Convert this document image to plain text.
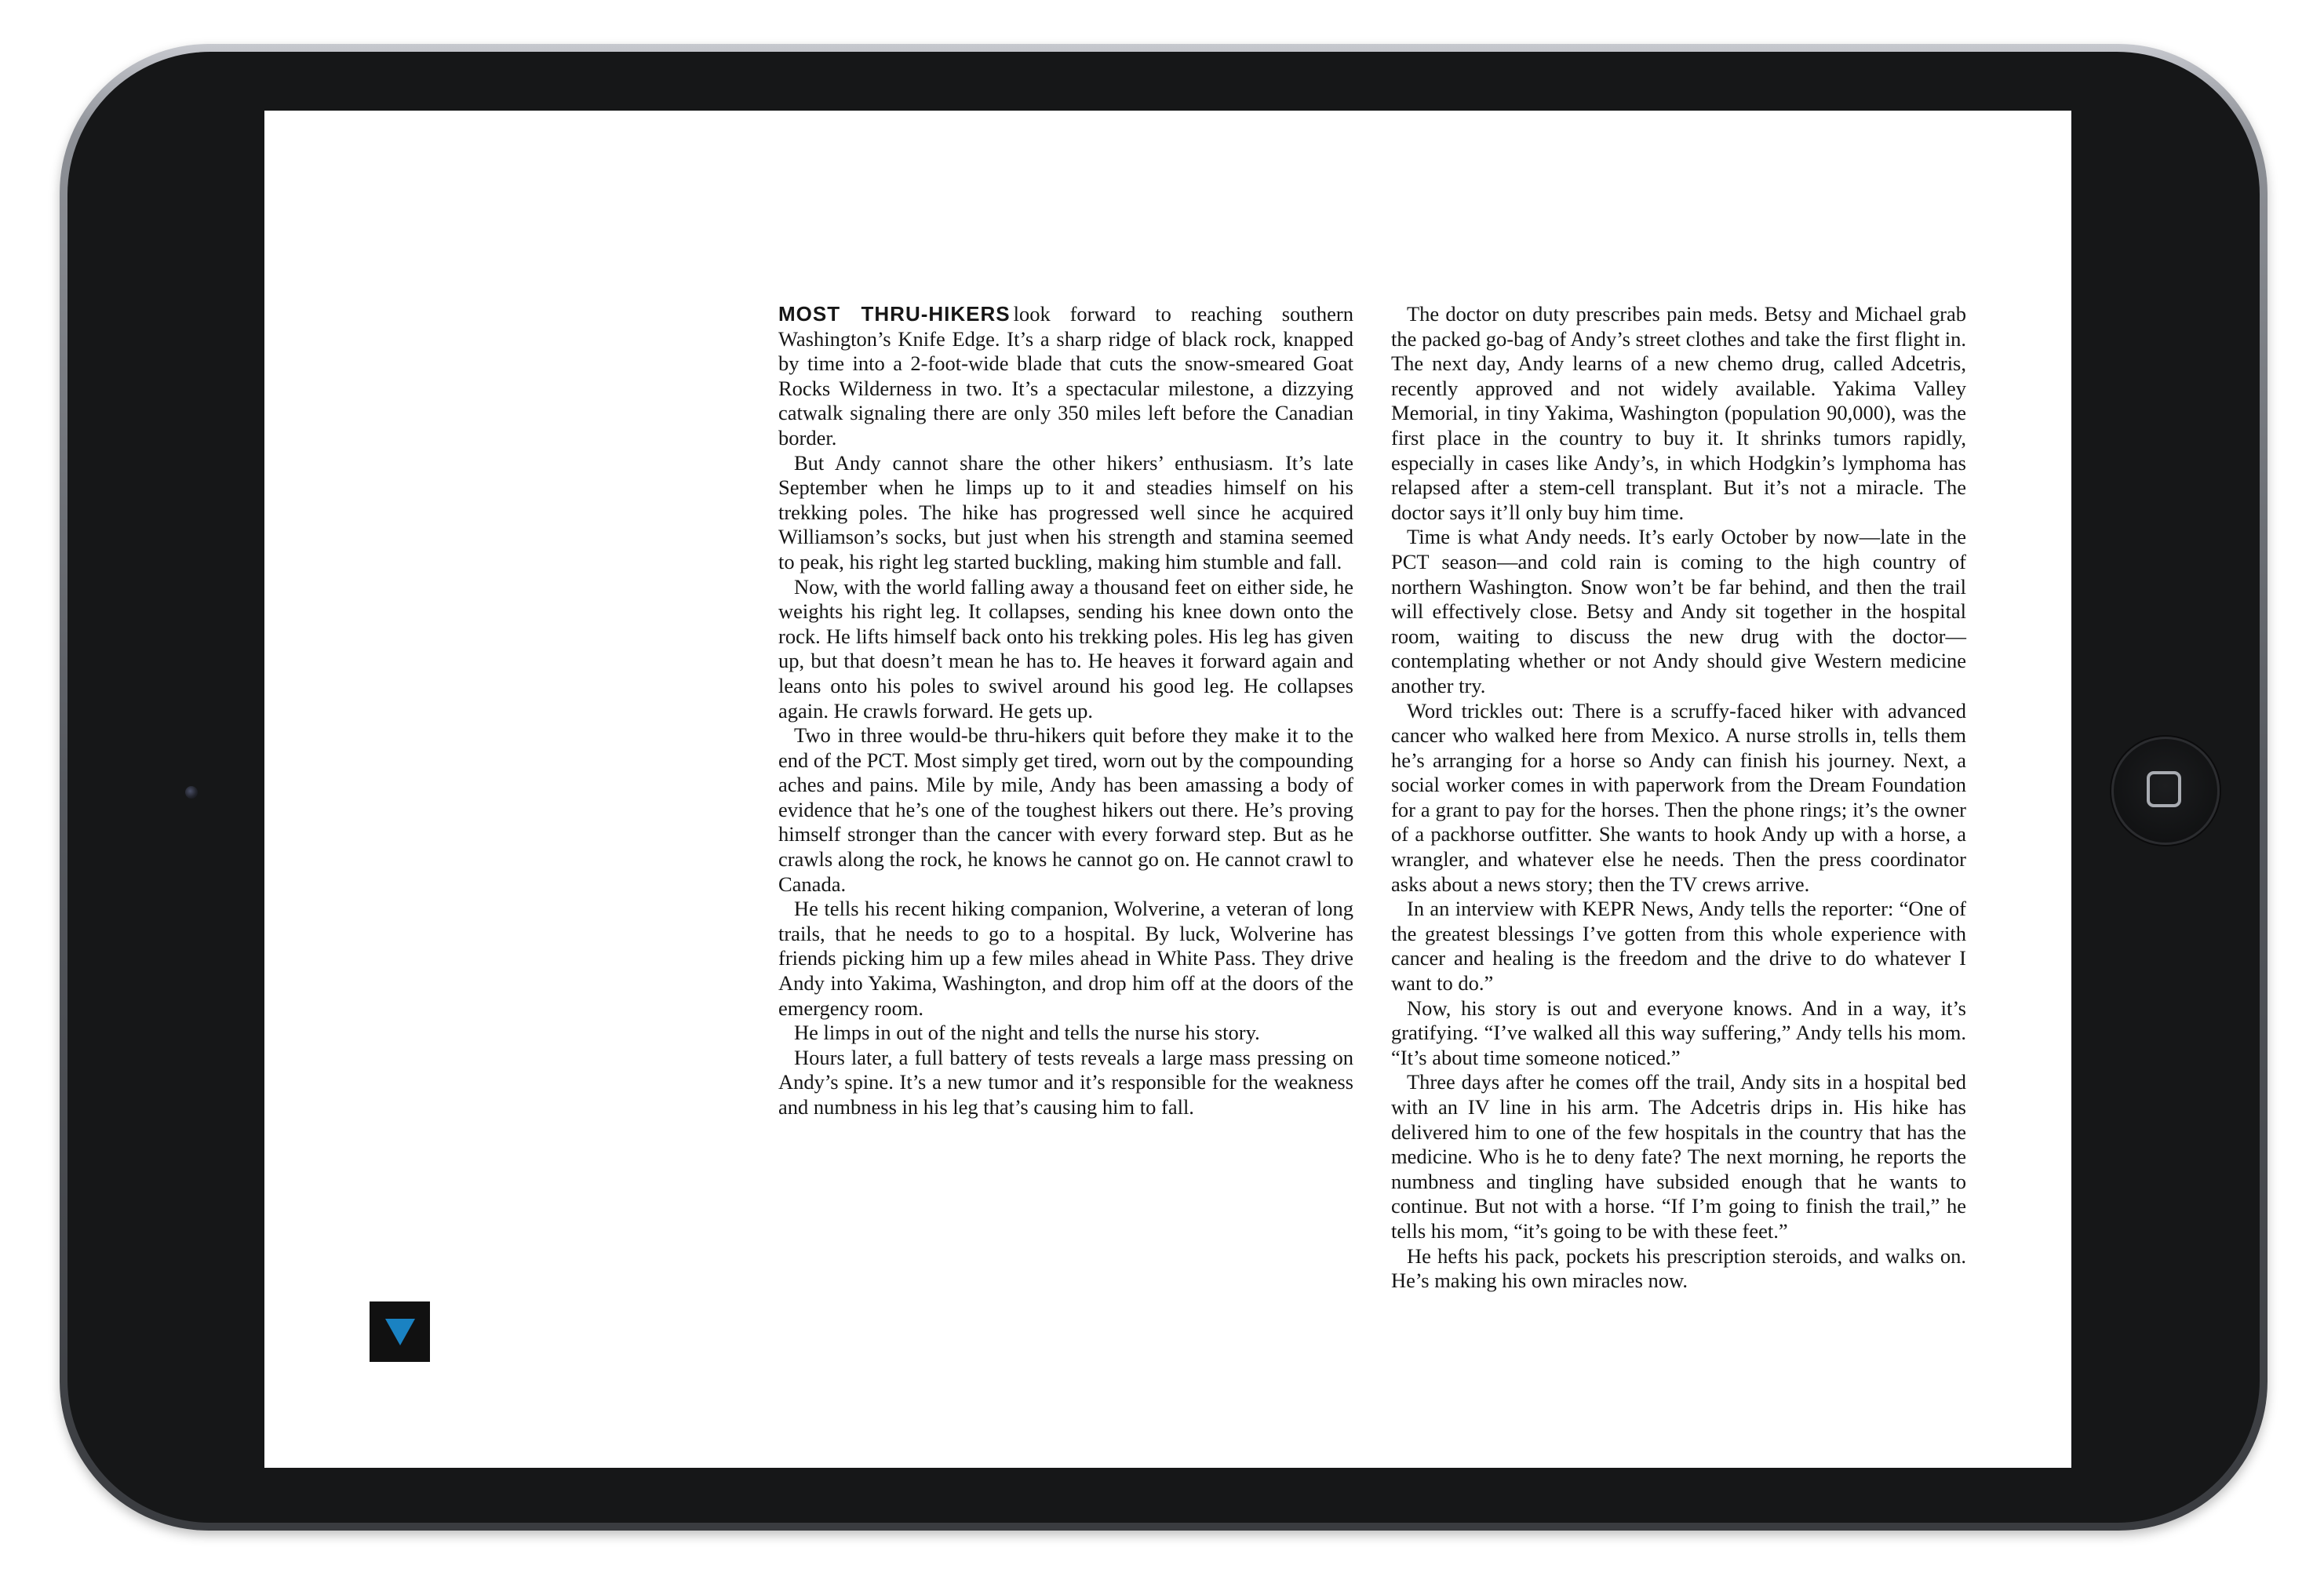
MOST THRU-HIKERS look forward to reaching southern Washington’s Knife Edge. It’s a sharp ridge of black rock, knapped by time into a 2-foot-wide blade that cuts the snow-smeared Goat Rocks Wilderness in two. It’s a spectacular milestone, a dizzying catwalk signaling there are only 350 miles left before the Canadian border.

But Andy cannot share the other hikers’ enthusiasm. It’s late September when he limps up to it and steadies himself on his trekking poles. The hike has progressed well since he acquired Williamson’s socks, but just when his strength and stamina seemed to peak, his right leg started buckling, making him stumble and fall.

Now, with the world falling away a thousand feet on either side, he weights his right leg. It collapses, sending his knee down onto the rock. He lifts himself back onto his trekking poles. His leg has given up, but that doesn’t mean he has to. He heaves it forward again and leans onto his poles to swivel around his good leg. He collapses again. He crawls forward. He gets up.

Two in three would-be thru-hikers quit before they make it to the end of the PCT. Most simply get tired, worn out by the compounding aches and pains. Mile by mile, Andy has been amassing a body of evidence that he’s one of the toughest hikers out there. He’s proving himself stronger than the cancer with every forward step. But as he crawls along the rock, he knows he cannot go on. He cannot crawl to Canada.

He tells his recent hiking companion, Wolverine, a veteran of long trails, that he needs to go to a hospital. By luck, Wolverine has friends picking him up a few miles ahead in White Pass. They drive Andy into Yakima, Washington, and drop him off at the doors of the emergency room.

He limps in out of the night and tells the nurse his story.

Hours later, a full battery of tests reveals a large mass pressing on Andy’s spine. It’s a new tumor and it’s responsible for the weakness and numbness in his leg that’s causing him to fall.

The doctor on duty prescribes pain meds. Betsy and Michael grab the packed go-bag of Andy’s street clothes and take the first flight in. The next day, Andy learns of a new chemo drug, called Adcetris, recently approved and not widely available. Yakima Valley Memorial, in tiny Yakima, Washington (population 90,000), was the first place in the country to buy it. It shrinks tumors rapidly, especially in cases like Andy’s, in which Hodgkin’s lymphoma has relapsed after a stem-cell transplant. But it’s not a miracle. The doctor says it’ll only buy him time.

Time is what Andy needs. It’s early October by now—late in the PCT season—and cold rain is coming to the high country of northern Washington. Snow won’t be far behind, and then the trail will effectively close. Betsy and Andy sit together in the hospital room, waiting to discuss the new drug with the doctor—contemplating whether or not Andy should give Western medicine another try.

Word trickles out: There is a scruffy-faced hiker with advanced cancer who walked here from Mexico. A nurse strolls in, tells them he’s arranging for a horse so Andy can finish his journey. Next, a social worker comes in with paperwork from the Dream Foundation for a grant to pay for the horses. Then the phone rings; it’s the owner of a packhorse outfitter. She wants to hook Andy up with a horse, a wrangler, and whatever else he needs. Then the press coordinator asks about a news story; then the TV crews arrive.

In an interview with KEPR News, Andy tells the reporter: “One of the greatest blessings I’ve gotten from this whole experience with cancer and healing is the freedom and the drive to do whatever I want to do.”

Now, his story is out and everyone knows. And in a way, it’s gratifying. “I’ve walked all this way suffering,” Andy tells his mom. “It’s about time someone noticed.”

Three days after he comes off the trail, Andy sits in a hospital bed with an IV line in his arm. The Adcetris drips in. His hike has delivered him to one of the few hospitals in the country that has the medicine. Who is he to deny fate? The next morning, he reports the numbness and tingling have subsided enough that he wants to continue. But not with a horse. “If I’m going to finish the trail,” he tells his mom, “it’s going to be with these feet.”

He hefts his pack, pockets his prescription steroids, and walks on. He’s making his own miracles now.
